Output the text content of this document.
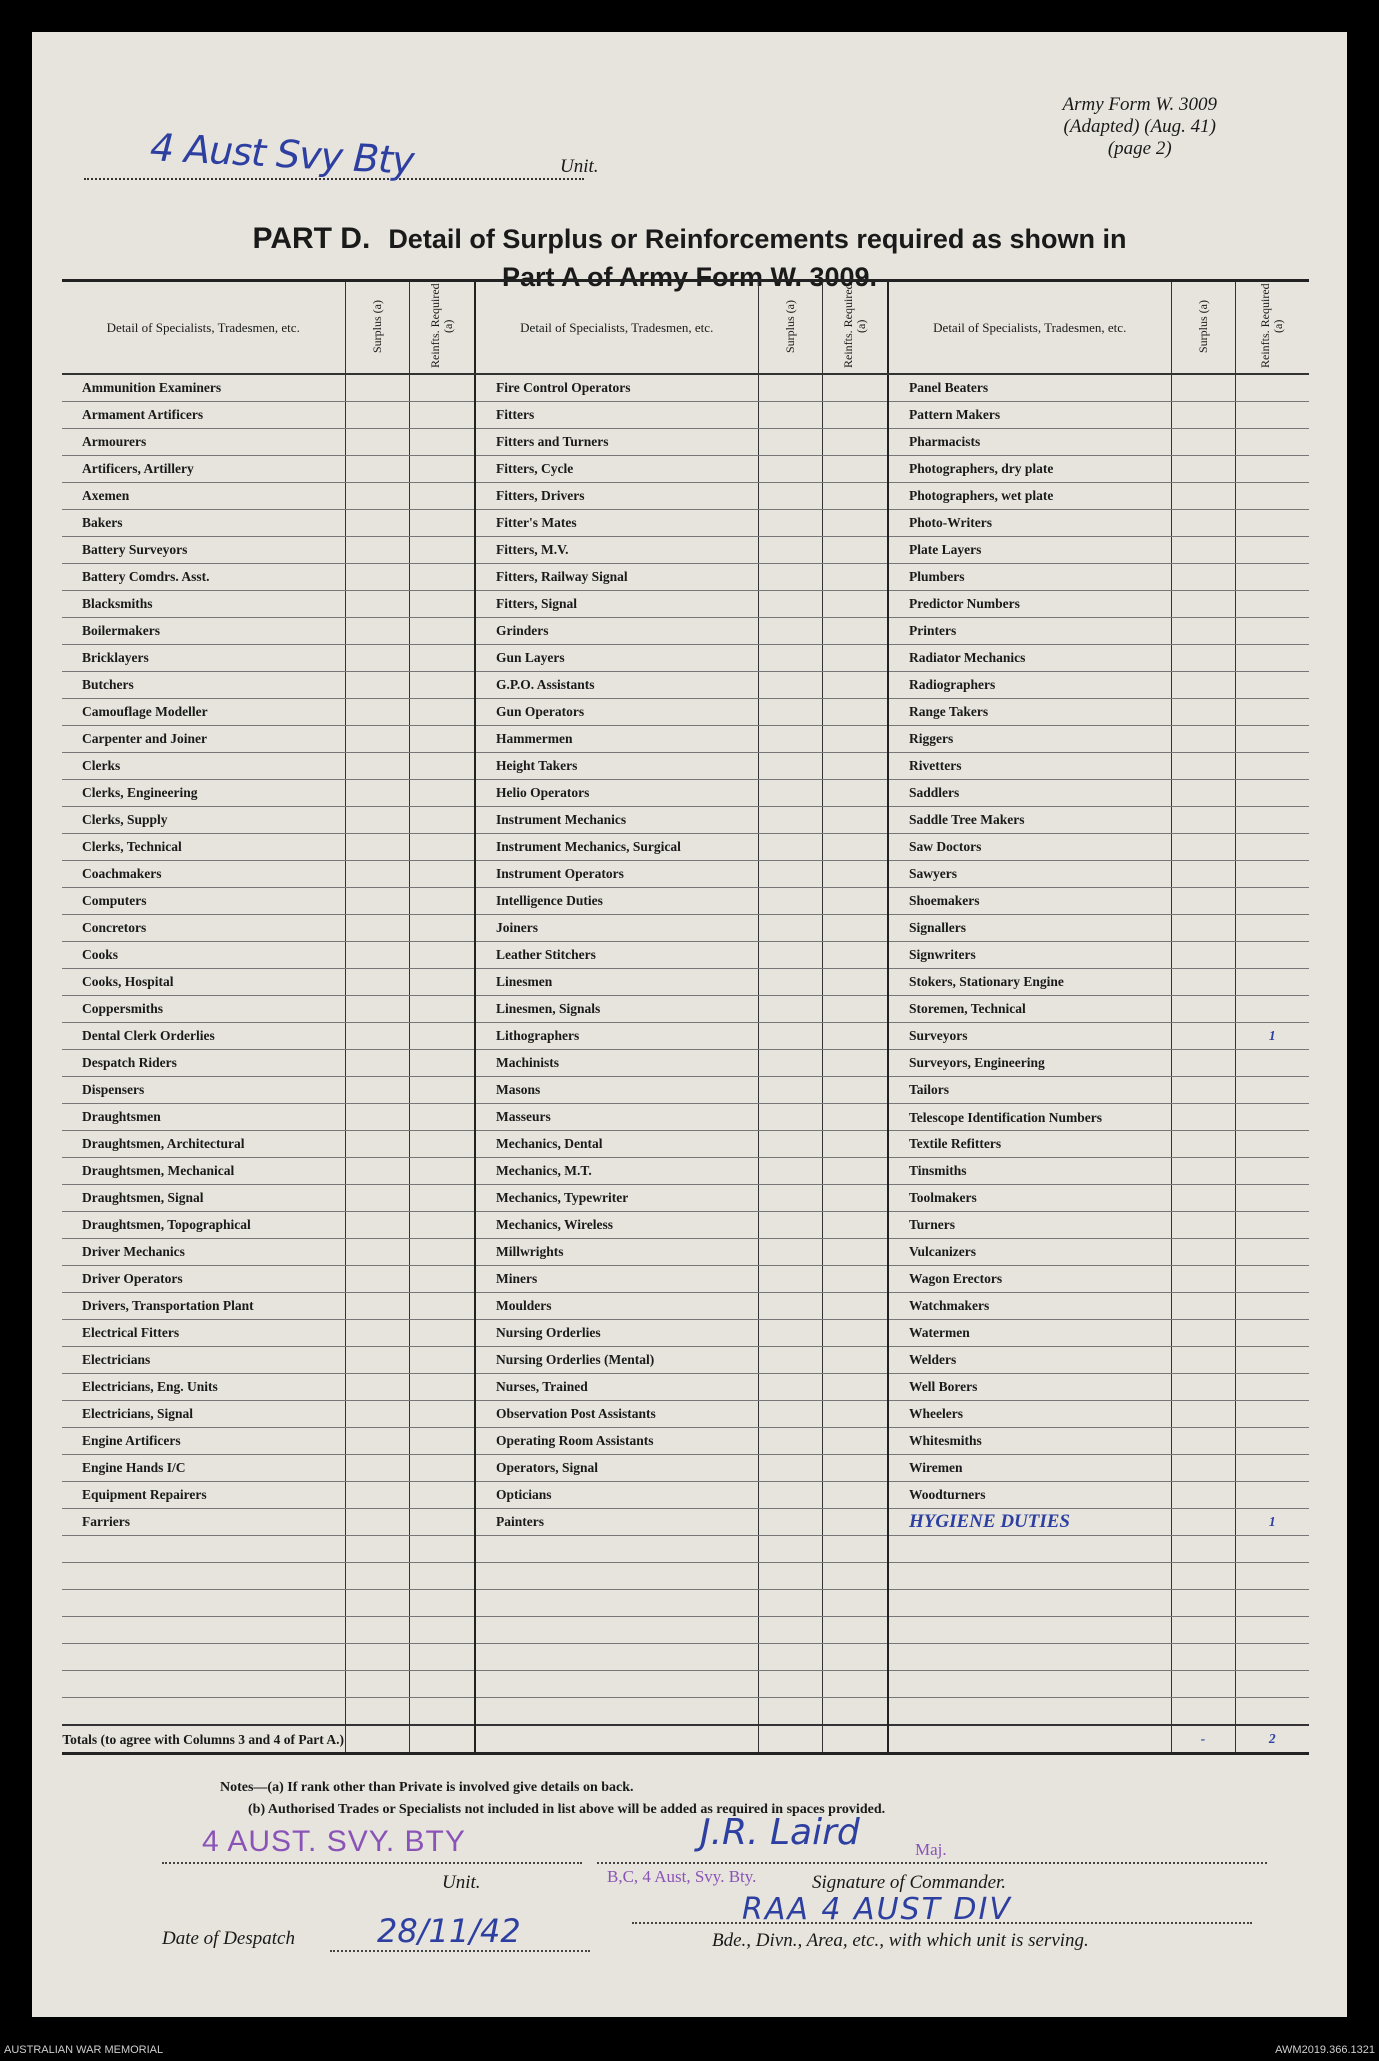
Army Form W. 3009
(Adapted) (Aug. 41)
(page 2)
4 Aust Svy Bty	Unit.
PART D. Detail of Surplus or Reinforcements required as shown in
Part A of Army Form W. 3009.
Detail of Specialists, Tradesmen, etc.	Surplus (a)	Reinfts. Required (a)	Detail of Specialists, Tradesmen, etc.	Surplus (a)	Reinfts. Required (a)	Detail of Specialists, Tradesmen, etc.	Surplus (a)	Reinfts. Required (a)
Ammunition Examiners			Fire Control Operators			Panel Beaters		
Armament Artificers			Fitters			Pattern Makers		
Armourers			Fitters and Turners			Pharmacists		
Artificers, Artillery			Fitters, Cycle			Photographers, dry plate		
Axemen			Fitters, Drivers			Photographers, wet plate		
Bakers			Fitter's Mates			Photo-Writers		
Battery Surveyors			Fitters, M.V.			Plate Layers		
Battery Comdrs. Asst.			Fitters, Railway Signal			Plumbers		
Blacksmiths			Fitters, Signal			Predictor Numbers		
Boilermakers			Grinders			Printers		
Bricklayers			Gun Layers			Radiator Mechanics		
Butchers			G.P.O. Assistants			Radiographers		
Camouflage Modeller			Gun Operators			Range Takers		
Carpenter and Joiner			Hammermen			Riggers		
Clerks			Height Takers			Rivetters		
Clerks, Engineering			Helio Operators			Saddlers		
Clerks, Supply			Instrument Mechanics			Saddle Tree Makers		
Clerks, Technical			Instrument Mechanics, Surgical			Saw Doctors		
Coachmakers			Instrument Operators			Sawyers		
Computers			Intelligence Duties			Shoemakers		
Concretors			Joiners			Signallers		
Cooks			Leather Stitchers			Signwriters		
Cooks, Hospital			Linesmen			Stokers, Stationary Engine		
Coppersmiths			Linesmen, Signals			Storemen, Technical		
Dental Clerk Orderlies			Lithographers			Surveyors		1
Despatch Riders			Machinists			Surveyors, Engineering		
Dispensers			Masons			Tailors		
Draughtsmen			Masseurs			Telescope Identification Numbers		
Draughtsmen, Architectural			Mechanics, Dental			Textile Refitters		
Draughtsmen, Mechanical			Mechanics, M.T.			Tinsmiths		
Draughtsmen, Signal			Mechanics, Typewriter			Toolmakers		
Draughtsmen, Topographical			Mechanics, Wireless			Turners		
Driver Mechanics			Millwrights			Vulcanizers		
Driver Operators			Miners			Wagon Erectors		
Drivers, Transportation Plant			Moulders			Watchmakers		
Electrical Fitters			Nursing Orderlies			Watermen		
Electricians			Nursing Orderlies (Mental)			Welders		
Electricians, Eng. Units			Nurses, Trained			Well Borers		
Electricians, Signal			Observation Post Assistants			Wheelers		
Engine Artificers			Operating Room Assistants			Whitesmiths		
Engine Hands I/C			Operators, Signal			Wiremen		
Equipment Repairers			Opticians			Woodturners		
Farriers			Painters			HYGIENE DUTIES		1

Totals (to agree with Columns 3 and 4 of Part A.)							-	2
Notes—(a) If rank other than Private is involved give details on back.
(b) Authorised Trades or Specialists not included in list above will be added as required in spaces provided.
4 AUST. SVY. BTY
Unit.
J.R. Laird	Maj.
B,C, 4 Aust, Svy. Bty.	Signature of Commander.
Date of Despatch	28/11/42
RAA 4 AUST DIV
Bde., Divn., Area, etc., with which unit is serving.
AUSTRALIAN WAR MEMORIAL	AWM2019.366.1321
